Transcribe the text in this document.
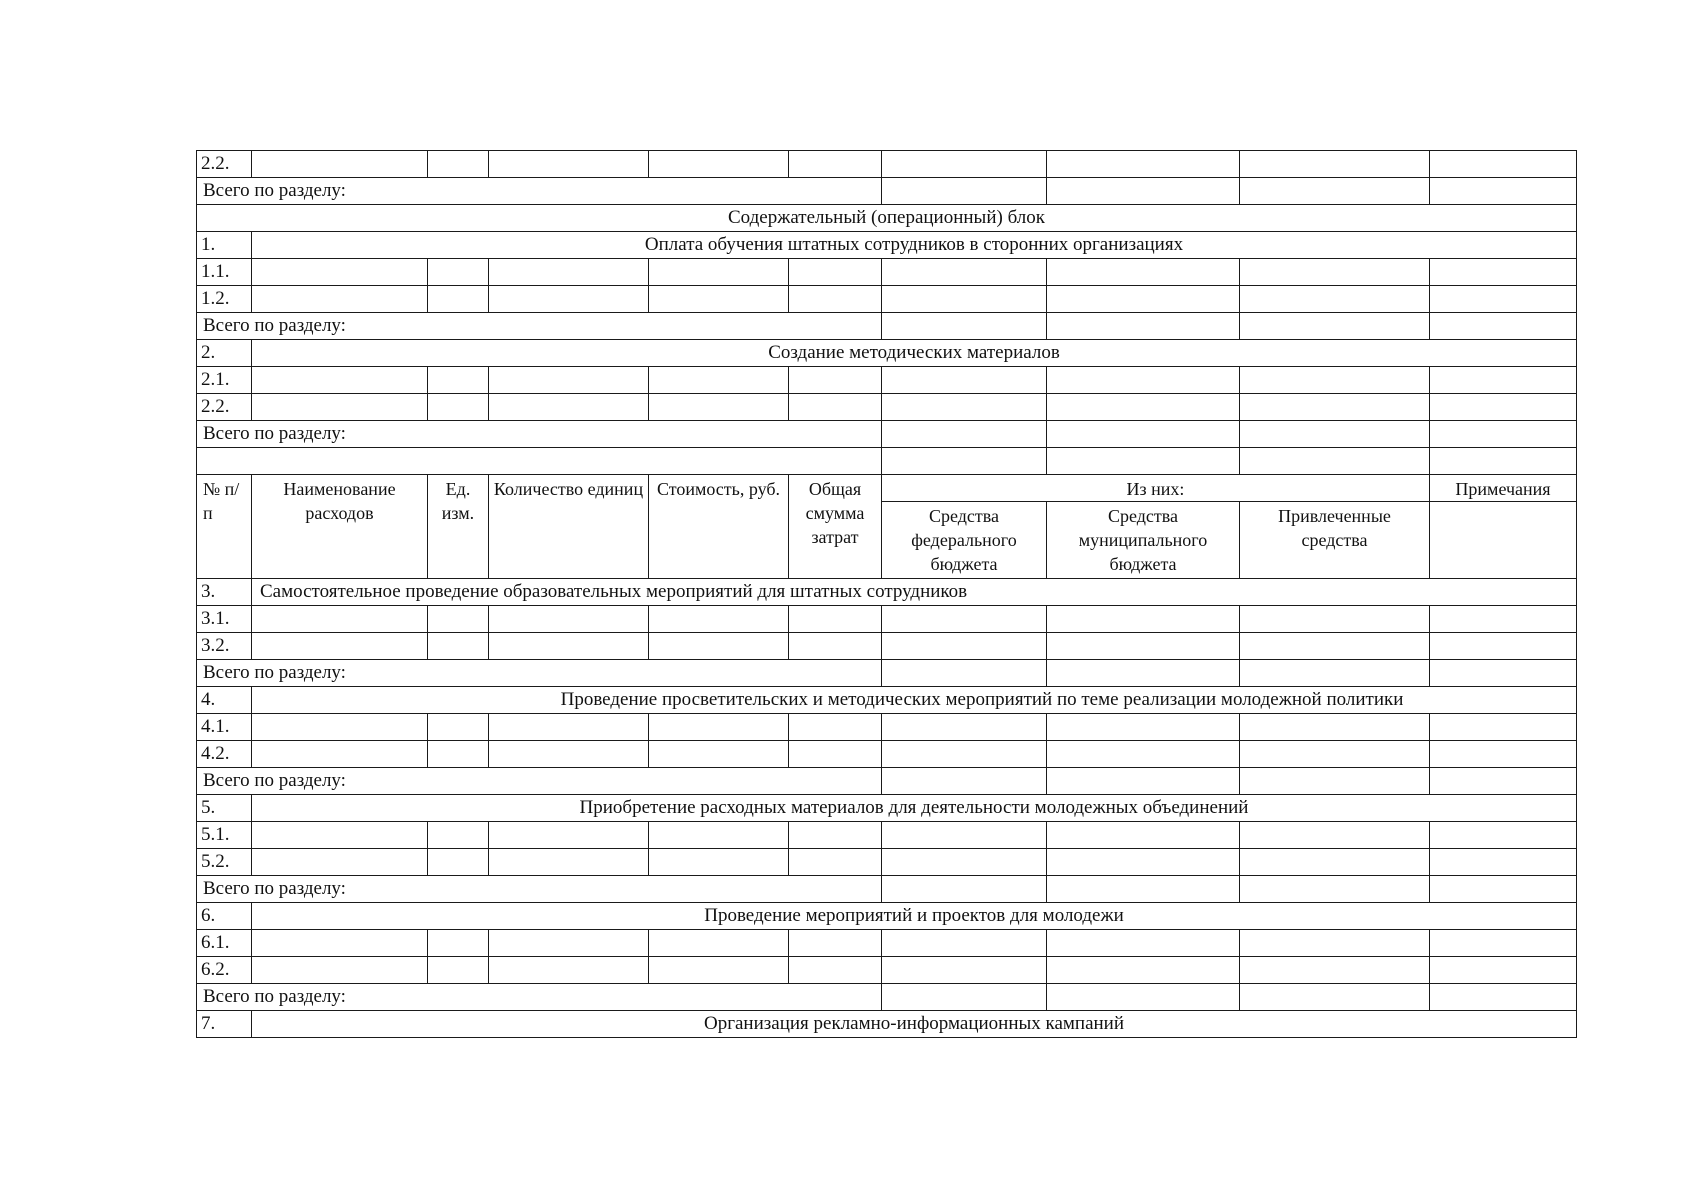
2.2.									
Всего по разделу:									
Содержательный (операционный) блок									
1.	Оплата обучения штатных сотрудников в сторонних организациях								
1.1.									
1.2.									
Всего по разделу:									
2.	Создание методических материалов								
2.1.									
2.2.									
Всего по разделу:									

№ п/п	Наименование расходов	Ед. изм.	Количество единиц	Стоимость, руб.	Общая смумма затрат	Из них:			Примечания
						Средства федерального бюджета	Средства муниципального бюджета	Привлеченные средства	
3.	Самостоятельное проведение образовательных мероприятий для штатных сотрудников								
3.1.									
3.2.									
Всего по разделу:									
4.	Проведение просветительских и методических мероприятий по теме реализации молодежной политики								
4.1.									
4.2.									
Всего по разделу:									
5.	Приобретение расходных материалов для деятельности молодежных объединений								
5.1.									
5.2.									
Всего по разделу:									
6.	Проведение мероприятий и проектов для молодежи								
6.1.									
6.2.									
Всего по разделу:									
7.	Организация рекламно-информационных кампаний								
